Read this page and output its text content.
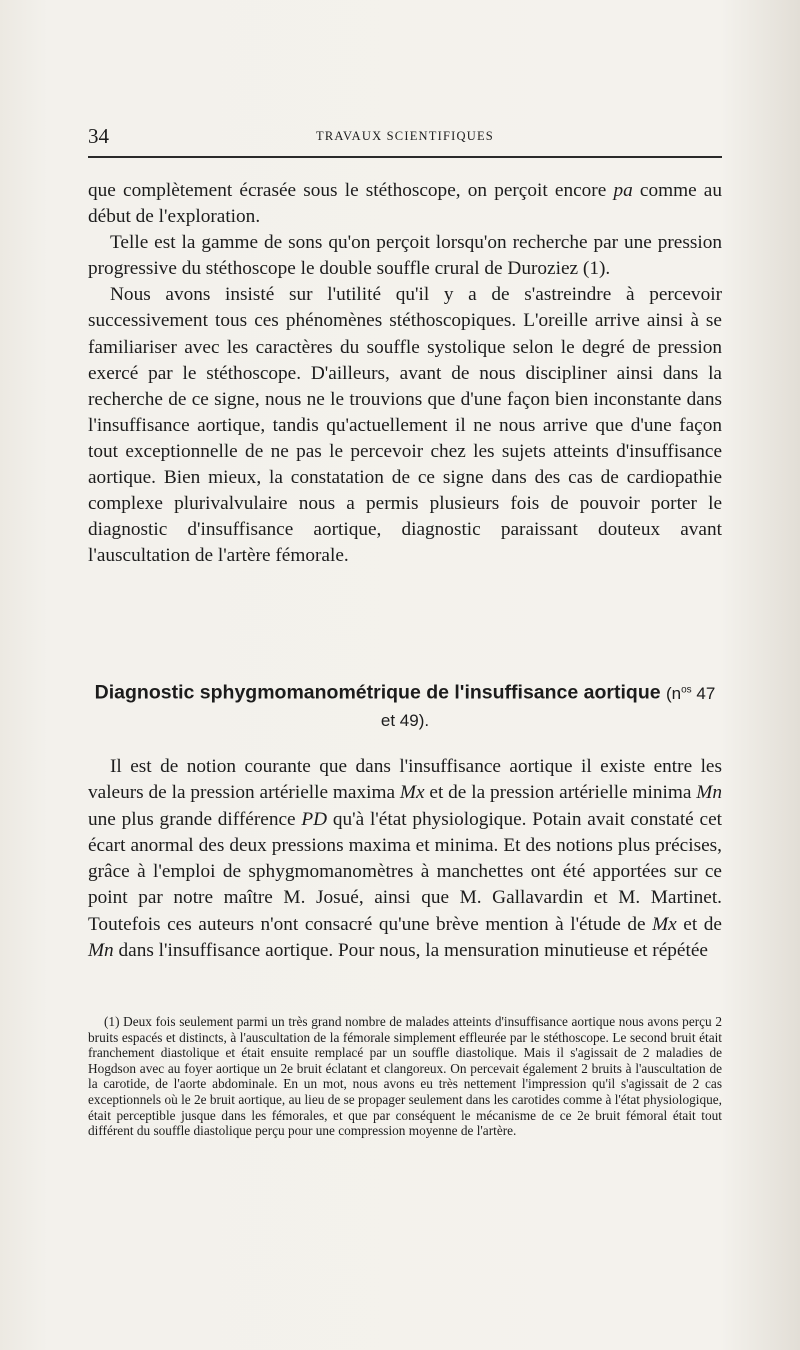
34	TRAVAUX SCIENTIFIQUES

que complètement écrasée sous le stéthoscope, on perçoit encore pa comme au début de l'exploration.

Telle est la gamme de sons qu'on perçoit lorsqu'on recherche par une pression progressive du stéthoscope le double souffle crural de Duroziez (1).

Nous avons insisté sur l'utilité qu'il y a de s'astreindre à percevoir successivement tous ces phénomènes stéthoscopiques. L'oreille arrive ainsi à se familiariser avec les caractères du souffle systolique selon le degré de pression exercé par le stéthoscope. D'ailleurs, avant de nous discipliner ainsi dans la recherche de ce signe, nous ne le trouvions que d'une façon bien inconstante dans l'insuffisance aortique, tandis qu'actuellement il ne nous arrive que d'une façon tout exceptionnelle de ne pas le percevoir chez les sujets atteints d'insuffisance aortique. Bien mieux, la constatation de ce signe dans des cas de cardiopathie complexe plurivalvulaire nous a permis plusieurs fois de pouvoir porter le diagnostic d'insuffisance aortique, diagnostic paraissant douteux avant l'auscultation de l'artère fémorale.

Diagnostic sphygmomanométrique de l'insuffisance aortique ($n^{os}$ 47 et 49).

Il est de notion courante que dans l'insuffisance aortique il existe entre les valeurs de la pression artérielle maxima Mx et de la pression artérielle minima Mn une plus grande différence PD qu'à l'état physiologique. Potain avait constaté cet écart anormal des deux pressions maxima et minima. Et des notions plus précises, grâce à l'emploi de sphygmomanomètres à manchettes ont été apportées sur ce point par notre maître M. Josué, ainsi que M. Gallavardin et M. Martinet. Toutefois ces auteurs n'ont consacré qu'une brève mention à l'étude de Mx et de Mn dans l'insuffisance aortique. Pour nous, la mensuration minutieuse et répétée

(1) Deux fois seulement parmi un très grand nombre de malades atteints d'insuffisance aortique nous avons perçu 2 bruits espacés et distincts, à l'auscultation de la fémorale simplement effleurée par le stéthoscope. Le second bruit était franchement diastolique et était ensuite remplacé par un souffle diastolique. Mais il s'agissait de 2 maladies de Hogdson avec au foyer aortique un 2e bruit éclatant et clangoreux. On percevait également 2 bruits à l'auscultation de la carotide, de l'aorte abdominale. En un mot, nous avons eu très nettement l'impression qu'il s'agissait de 2 cas exceptionnels où le 2e bruit aortique, au lieu de se propager seulement dans les carotides comme à l'état physiologique, était perceptible jusque dans les fémorales, et que par conséquent le mécanisme de ce 2e bruit fémoral était tout différent du souffle diastolique perçu pour une compression moyenne de l'artère.
